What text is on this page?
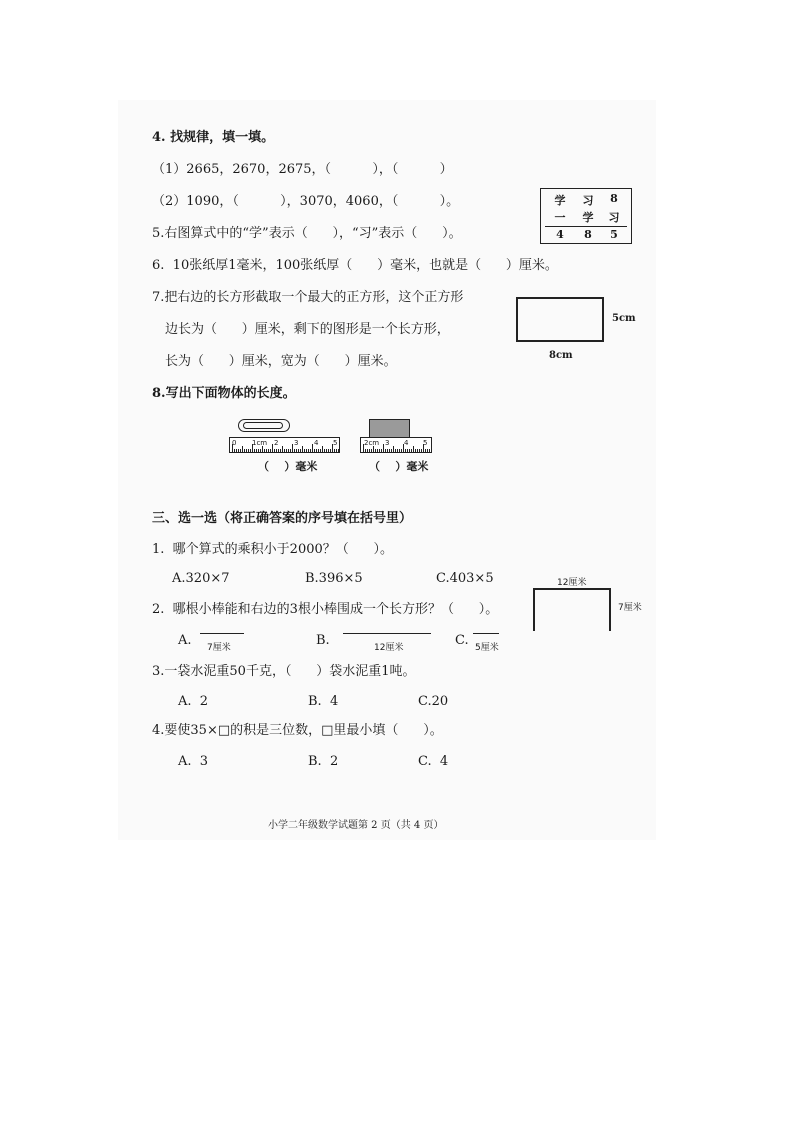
4. 找规律，填一填。
（1）2665，2670，2675，（          ），（          ）
（2）1090，（          ），3070，4060，（          ）。
5.右图算式中的“学”表示（      ），“习”表示（      ）。
学	习	8
一	学	习
4	8	5
6.  10张纸厚1毫米，100张纸厚（      ）毫米，也就是（      ）厘米。
7.把右边的长方形截取一个最大的正方形，这个正方形
边长为（      ）厘米，剩下的图形是一个长方形，
长为（      ）厘米，宽为（      ）厘米。
5cm
8cm
8.写出下面物体的长度。
0 1cm 2 3 4 5
（    ）毫米
2cm 3 4 5
（    ）毫米
三、选一选（将正确答案的序号填在括号里）
1.  哪个算式的乘积小于2000？（      ）。
A.320×7	B.396×5	C.403×5
2.  哪根小棒能和右边的3根小棒围成一个长方形？（      ）。
A. 7厘米	B.	12厘米	C. 5厘米
12厘米
7厘米
3.一袋水泥重50千克，（      ）袋水泥重1吨。
A.  2	B.  4	C.20
4.要使35×□的积是三位数，□里最小填（      ）。
A.  3	B.  2	C.  4
小学二年级数学试题第 2 页（共 4 页）
